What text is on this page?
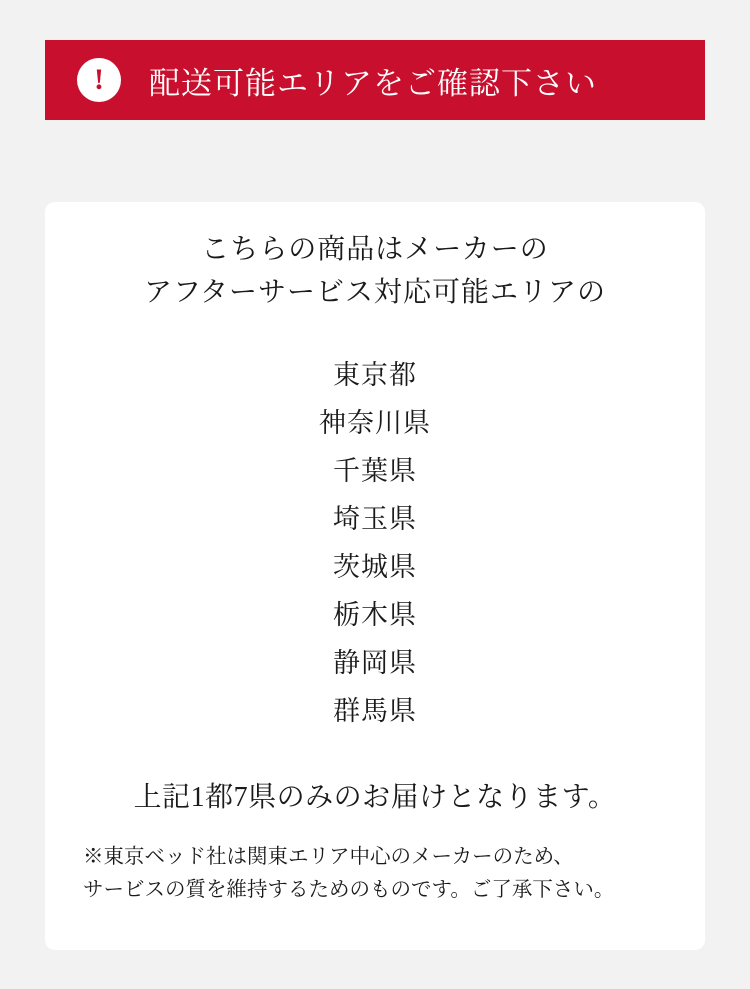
!	配送可能エリアをご確認下さい

こちらの商品はメーカーの
アフターサービス対応可能エリアの

東京都
神奈川県
千葉県
埼玉県
茨城県
栃木県
静岡県
群馬県

上記1都7県のみのお届けとなります。

※東京ベッド社は関東エリア中心のメーカーのため、
サービスの質を維持するためのものです。ご了承下さい。
